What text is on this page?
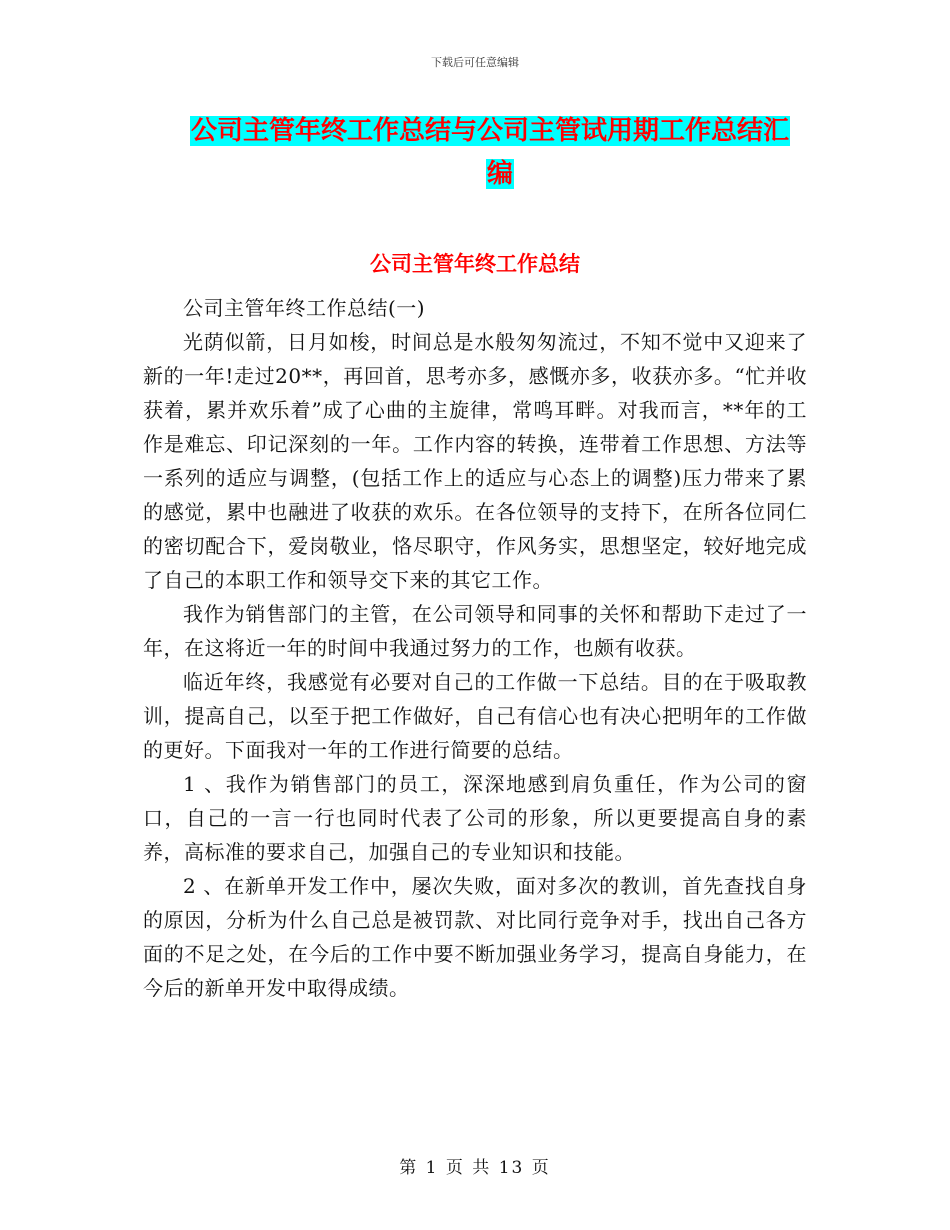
下载后可任意编辑
公司主管年终工作总结与公司主管试用期工作总结汇
编
公司主管年终工作总结

公司主管年终工作总结(一)

光荫似箭，日月如梭，时间总是水般匆匆流过，不知不觉中又迎来了新的一年!走过20**，再回首，思考亦多，感慨亦多，收获亦多。“忙并收获着，累并欢乐着”成了心曲的主旋律，常鸣耳畔。对我而言，**年的工作是难忘、印记深刻的一年。工作内容的转换，连带着工作思想、方法等一系列的适应与调整，(包括工作上的适应与心态上的调整)压力带来了累的感觉，累中也融进了收获的欢乐。在各位领导的支持下，在所各位同仁的密切配合下，爱岗敬业，恪尽职守，作风务实，思想坚定，较好地完成了自己的本职工作和领导交下来的其它工作。

我作为销售部门的主管，在公司领导和同事的关怀和帮助下走过了一年，在这将近一年的时间中我通过努力的工作，也颇有收获。

临近年终，我感觉有必要对自己的工作做一下总结。目的在于吸取教训，提高自己，以至于把工作做好，自己有信心也有决心把明年的工作做的更好。下面我对一年的工作进行简要的总结。

1 、我作为销售部门的员工，深深地感到肩负重任，作为公司的窗口，自己的一言一行也同时代表了公司的形象，所以更要提高自身的素养，高标准的要求自己，加强自己的专业知识和技能。

2 、在新单开发工作中，屡次失败，面对多次的教训，首先查找自身的原因，分析为什么自己总是被罚款、对比同行竞争对手，找出自己各方面的不足之处，在今后的工作中要不断加强业务学习，提高自身能力，在今后的新单开发中取得成绩。

第 1 页 共 13 页
